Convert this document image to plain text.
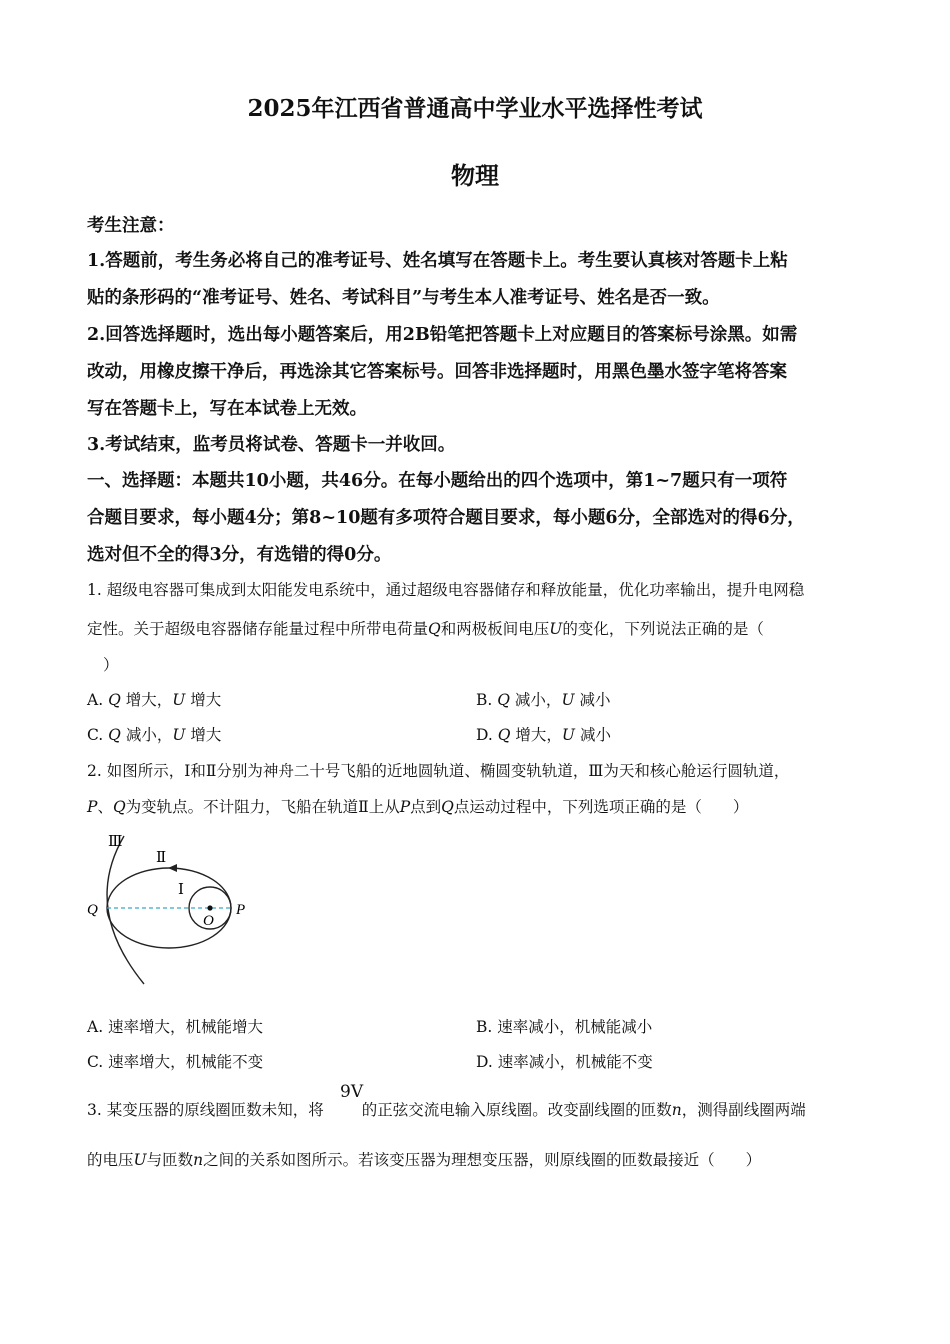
2025年江西省普通高中学业水平选择性考试
物理
考生注意：
1.答题前，考生务必将自己的准考证号、姓名填写在答题卡上。考生要认真核对答题卡上粘
贴的条形码的“准考证号、姓名、考试科目”与考生本人准考证号、姓名是否一致。
2.回答选择题时，选出每小题答案后，用2B铅笔把答题卡上对应题目的答案标号涂黑。如需
改动，用橡皮擦干净后，再选涂其它答案标号。回答非选择题时，用黑色墨水签字笔将答案
写在答题卡上，写在本试卷上无效。
3.考试结束，监考员将试卷、答题卡一并收回。
一、选择题：本题共10小题，共46分。在每小题给出的四个选项中，第1~7题只有一项符
合题目要求，每小题4分；第8~10题有多项符合题目要求，每小题6分，全部选对的得6分，
选对但不全的得3分，有选错的得0分。
1. 超级电容器可集成到太阳能发电系统中，通过超级电容器储存和释放能量，优化功率输出，提升电网稳
定性。关于超级电容器储存能量过程中所带电荷量Q和两极板间电压U的变化，下列说法正确的是（
）
A. Q 增大，U 增大	B. Q 减小，U 减小
C. Q 减小，U 增大	D. Q 增大，U 减小
2. 如图所示，Ⅰ和Ⅱ分别为神舟二十号飞船的近地圆轨道、椭圆变轨轨道，Ⅲ为天和核心舱运行圆轨道，
P、Q为变轨点。不计阻力，飞船在轨道Ⅱ上从P点到Q点运动过程中，下列选项正确的是（　　）
Ⅲ
Ⅱ
Ⅰ
Q
O
P
A. 速率增大，机械能增大	B. 速率减小，机械能减小
C. 速率增大，机械能不变	D. 速率减小，机械能不变
9V
3. 某变压器的原线圈匝数未知，将 的正弦交流电输入原线圈。改变副线圈的匝数n，测得副线圈两端
的电压U与匝数n之间的关系如图所示。若该变压器为理想变压器，则原线圈的匝数最接近（　　）
